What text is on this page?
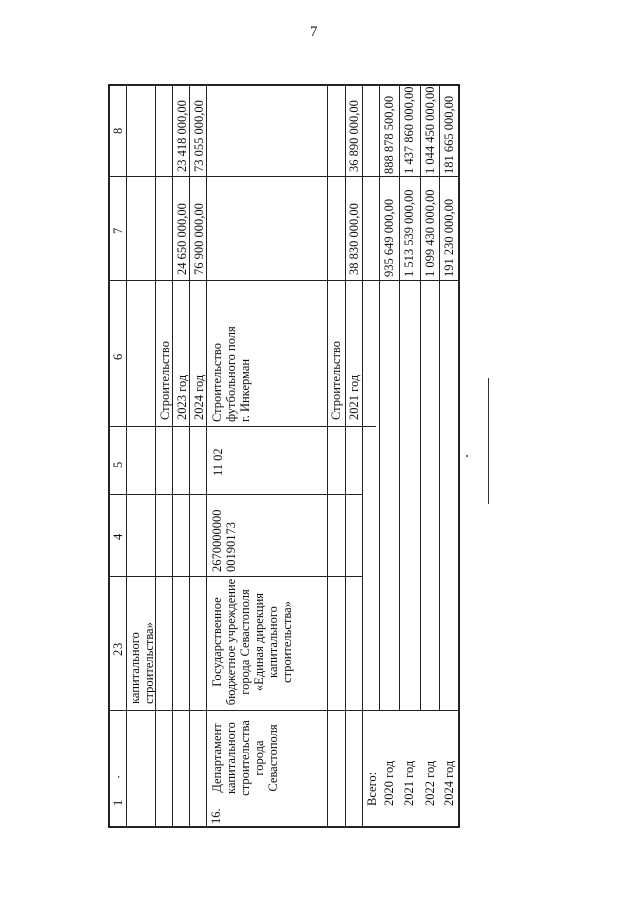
7
1
2
3
4
5
6
7
8
·
капитального строительства»
Строительство 2023 год 2024 год
24 650 000,00 76 900 000,00
23 418 000,00 73 055 000,00
16.
Департамент капитального строительства города Севастополя
Государственное бюджетное учреждение города Севастополя «Единая дирекция капитального строительства»
2670000000 00190173
11 02
Строительство футбольного поля г. Инкерман	Строительство 2021 год
38 830 000,00
36 890 000,00
Всего: 2020 год 2021 год 2022 год 2024 год
935 649 000,00 1 513 539 000,00 1 099 430 000,00 191 230 000,00
888 878 500,00 1 437 860 000,00 1 044 450 000,00 181 665 000,00
